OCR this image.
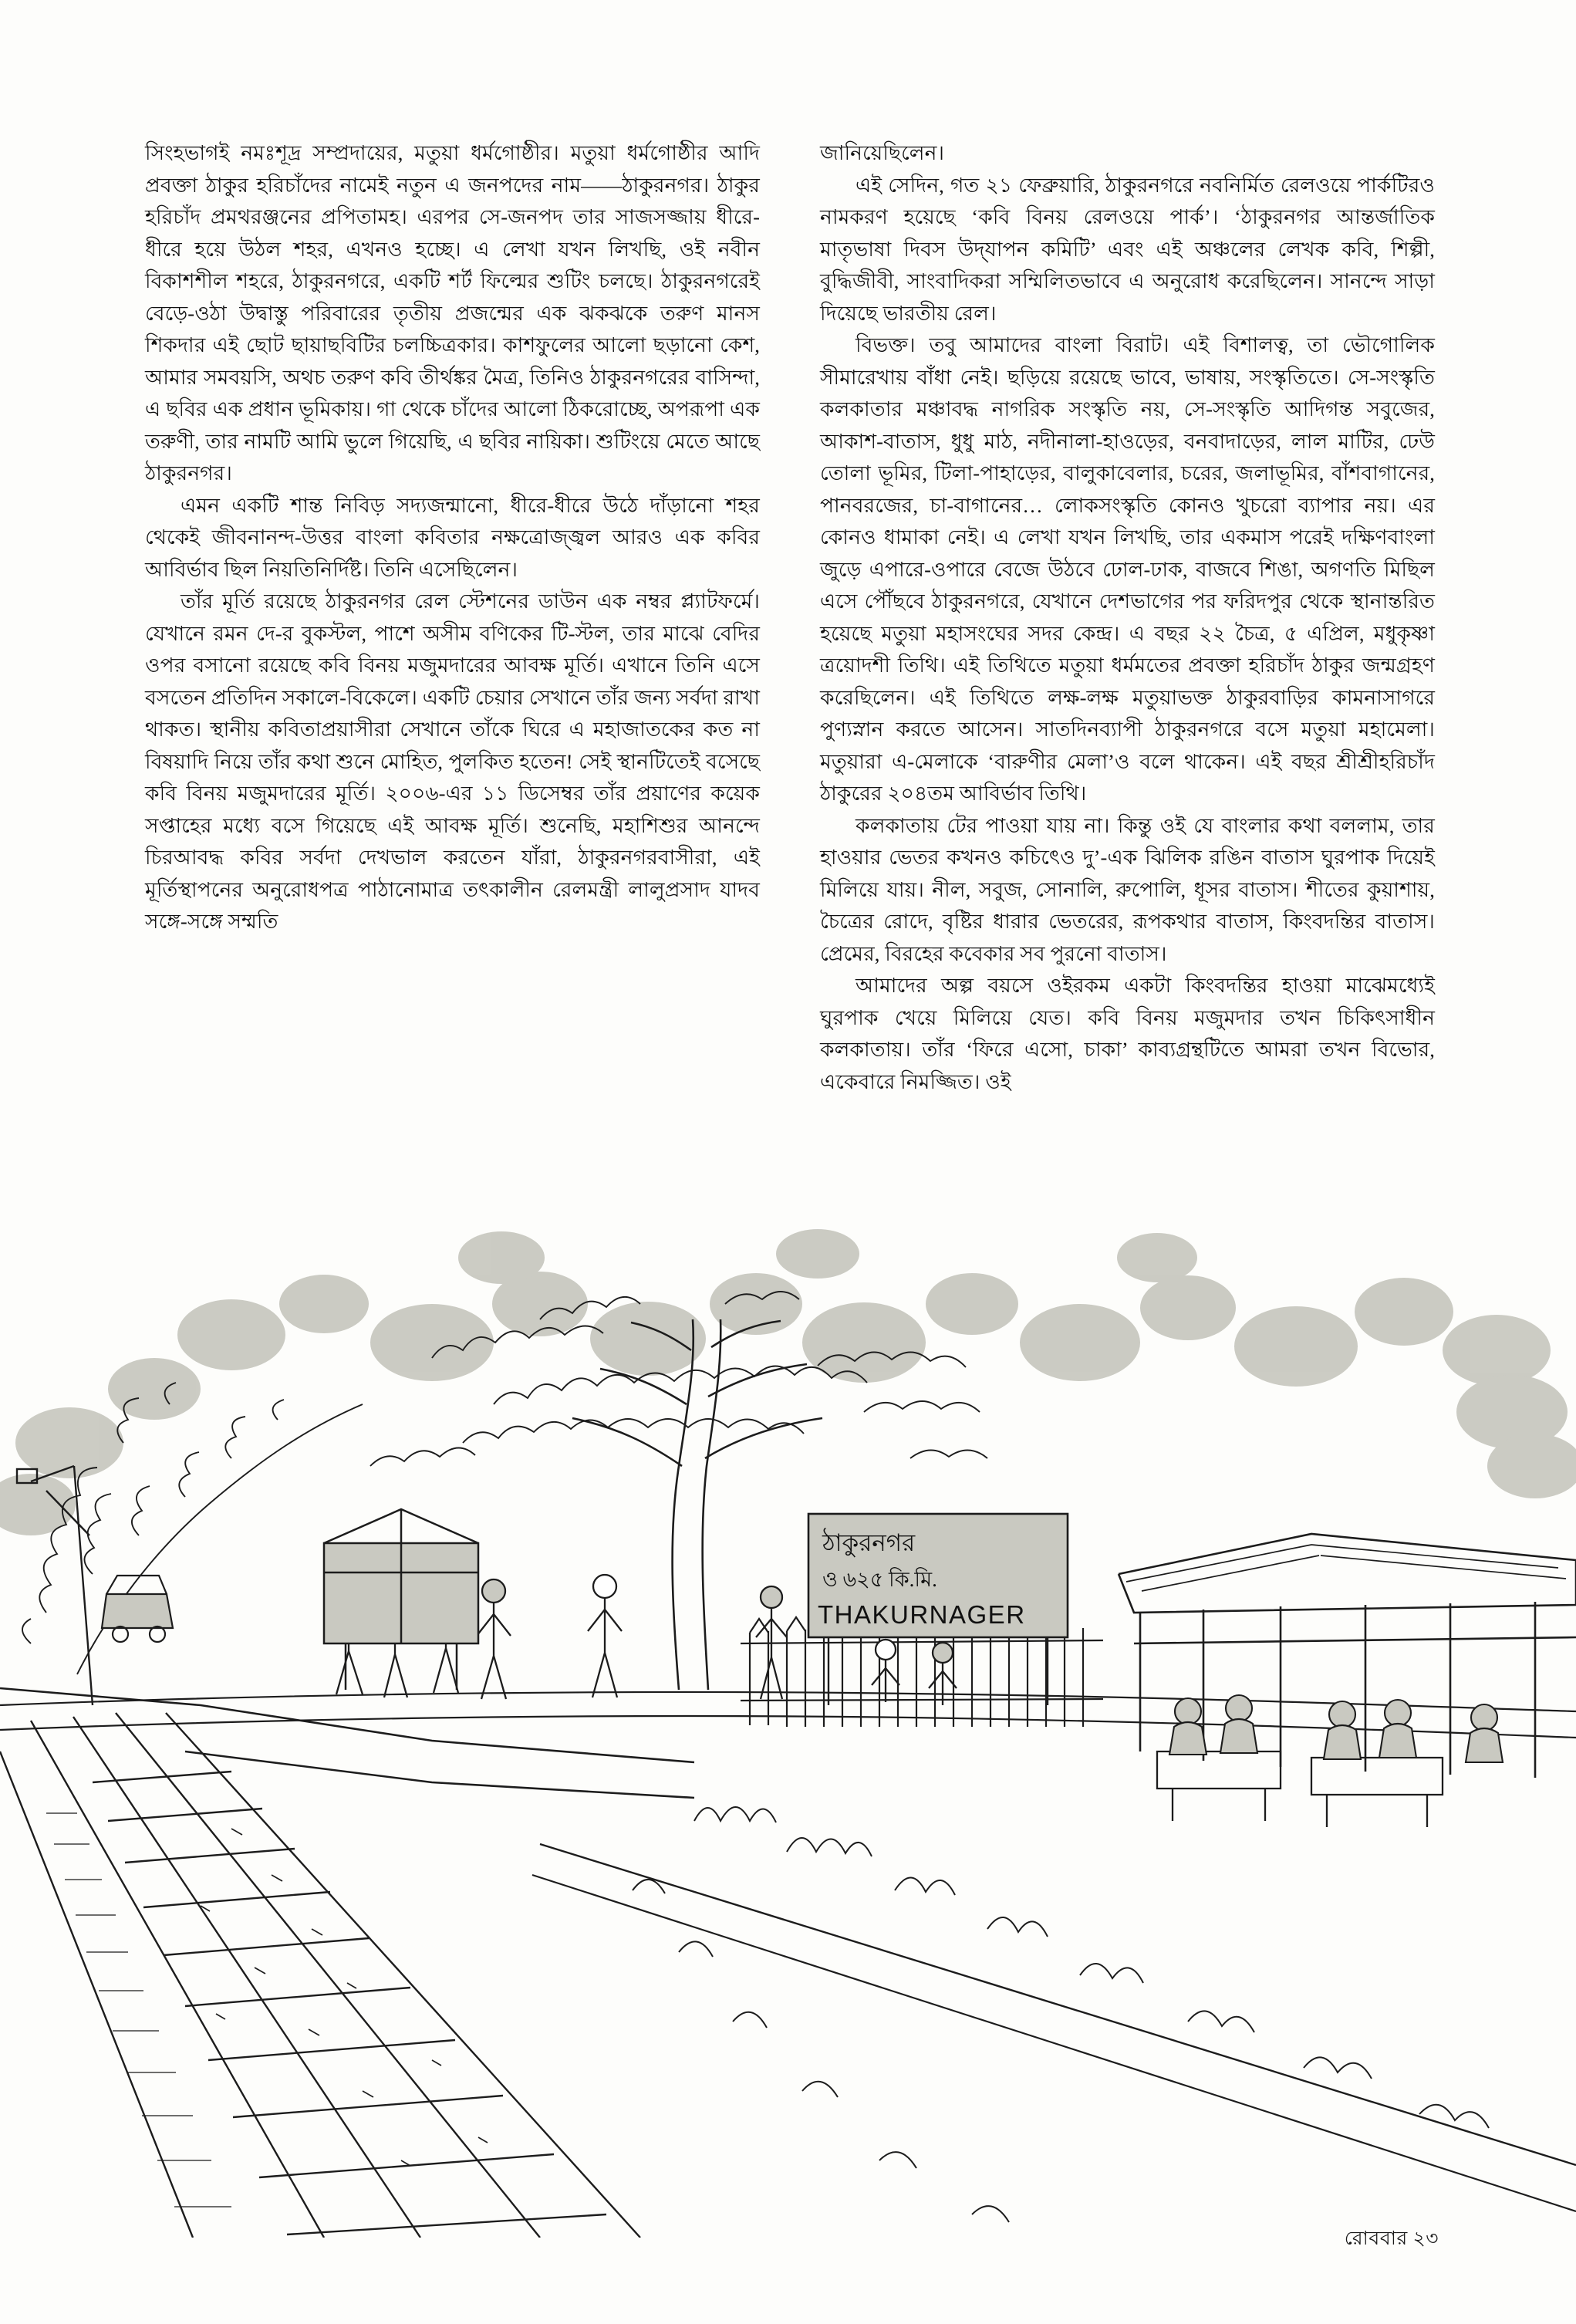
সিংহভাগই নমঃশূদ্র সম্প্রদায়ের, মতুয়া ধর্মগোষ্ঠীর। মতুয়া ধর্মগোষ্ঠীর আদি প্রবক্তা ঠাকুর হরিচাঁদের নামেই নতুন এ জনপদের নাম——ঠাকুরনগর। ঠাকুর হরিচাঁদ প্রমথরঞ্জনের প্রপিতামহ। এরপর সে-জনপদ তার সাজসজ্জায় ধীরে-ধীরে হয়ে উঠল শহর, এখনও হচ্ছে। এ লেখা যখন লিখছি, ওই নবীন বিকাশশীল শহরে, ঠাকুরনগরে, একটি শর্ট ফিল্মের শুটিং চলছে। ঠাকুরনগরেই বেড়ে-ওঠা উদ্বাস্তু পরিবারের তৃতীয় প্রজন্মের এক ঝকঝকে তরুণ মানস শিকদার এই ছোট ছায়াছবিটির চলচ্চিত্রকার। কাশফুলের আলো ছড়ানো কেশ, আমার সমবয়সি, অথচ তরুণ কবি তীর্থঙ্কর মৈত্র, তিনিও ঠাকুরনগরের বাসিন্দা, এ ছবির এক প্রধান ভূমিকায়। গা থেকে চাঁদের আলো ঠিকরোচ্ছে, অপরূপা এক তরুণী, তার নামটি আমি ভুলে গিয়েছি, এ ছবির নায়িকা। শুটিংয়ে মেতে আছে ঠাকুরনগর।

এমন একটি শান্ত নিবিড় সদ্যজন্মানো, ধীরে-ধীরে উঠে দাঁড়ানো শহর থেকেই জীবনানন্দ-উত্তর বাংলা কবিতার নক্ষত্রোজ্জ্বল আরও এক কবির আবির্ভাব ছিল নিয়তিনির্দিষ্ট। তিনি এসেছিলেন।

তাঁর মূর্তি রয়েছে ঠাকুরনগর রেল স্টেশনের ডাউন এক নম্বর প্ল্যাটফর্মে। যেখানে রমন দে-র বুকস্টল, পাশে অসীম বণিকের টি-স্টল, তার মাঝে বেদির ওপর বসানো রয়েছে কবি বিনয় মজুমদারের আবক্ষ মূর্তি। এখানে তিনি এসে বসতেন প্রতিদিন সকালে-বিকেলে। একটি চেয়ার সেখানে তাঁর জন্য সর্বদা রাখা থাকত। স্থানীয় কবিতাপ্রয়াসীরা সেখানে তাঁকে ঘিরে এ মহাজাতকের কত না বিষয়াদি নিয়ে তাঁর কথা শুনে মোহিত, পুলকিত হতেন! সেই স্থানটিতেই বসেছে কবি বিনয় মজুমদারের মূর্তি। ২০০৬-এর ১১ ডিসেম্বর তাঁর প্রয়াণের কয়েক সপ্তাহের মধ্যে বসে গিয়েছে এই আবক্ষ মূর্তি। শুনেছি, মহাশিশুর আনন্দে চিরআবদ্ধ কবির সর্বদা দেখভাল করতেন যাঁরা, ঠাকুরনগরবাসীরা, এই মূর্তিস্থাপনের অনুরোধপত্র পাঠানোমাত্র তৎকালীন রেলমন্ত্রী লালুপ্রসাদ যাদব সঙ্গে-সঙ্গে সম্মতি

জানিয়েছিলেন।

এই সেদিন, গত ২১ ফেব্রুয়ারি, ঠাকুরনগরে নবনির্মিত রেলওয়ে পার্কটিরও নামকরণ হয়েছে ‘কবি বিনয় রেলওয়ে পার্ক’। ‘ঠাকুরনগর আন্তর্জাতিক মাতৃভাষা দিবস উদ্‌যাপন কমিটি’ এবং এই অঞ্চলের লেখক কবি, শিল্পী, বুদ্ধিজীবী, সাংবাদিকরা সম্মিলিতভাবে এ অনুরোধ করেছিলেন। সানন্দে সাড়া দিয়েছে ভারতীয় রেল।

বিভক্ত। তবু আমাদের বাংলা বিরাট। এই বিশালত্ব, তা ভৌগোলিক সীমারেখায় বাঁধা নেই। ছড়িয়ে রয়েছে ভাবে, ভাষায়, সংস্কৃতিতে। সে-সংস্কৃতি কলকাতার মঞ্চাবদ্ধ নাগরিক সংস্কৃতি নয়, সে-সংস্কৃতি আদিগন্ত সবুজের, আকাশ-বাতাস, ধুধু মাঠ, নদীনালা-হাওড়ের, বনবাদাড়ের, লাল মাটির, ঢেউ তোলা ভূমির, টিলা-পাহাড়ের, বালুকাবেলার, চরের, জলাভূমির, বাঁশবাগানের, পানবরজের, চা-বাগানের… লোকসংস্কৃতি কোনও খুচরো ব্যাপার নয়। এর কোনও ধামাকা নেই। এ লেখা যখন লিখছি, তার একমাস পরেই দক্ষিণবাংলা জুড়ে এপারে-ওপারে বেজে উঠবে ঢোল-ঢাক, বাজবে শিঙা, অগণতি মিছিল এসে পৌঁছবে ঠাকুরনগরে, যেখানে দেশভাগের পর ফরিদপুর থেকে স্থানান্তরিত হয়েছে মতুয়া মহাসংঘের সদর কেন্দ্র। এ বছর ২২ চৈত্র, ৫ এপ্রিল, মধুকৃষ্ণা ত্রয়োদশী তিথি। এই তিথিতে মতুয়া ধর্মমতের প্রবক্তা হরিচাঁদ ঠাকুর জন্মগ্রহণ করেছিলেন। এই তিথিতে লক্ষ-লক্ষ মতুয়াভক্ত ঠাকুরবাড়ির কামনাসাগরে পুণ্যস্নান করতে আসেন। সাতদিনব্যাপী ঠাকুরনগরে বসে মতুয়া মহামেলা। মতুয়ারা এ-মেলাকে ‘বারুণীর মেলা’ও বলে থাকেন। এই বছর শ্রীশ্রীহরিচাঁদ ঠাকুরের ২০৪তম আবির্ভাব তিথি।

কলকাতায় টের পাওয়া যায় না। কিন্তু ওই যে বাংলার কথা বললাম, তার হাওয়ার ভেতর কখনও কচিৎেও দু’-এক ঝিলিক রঙিন বাতাস ঘুরপাক দিয়েই মিলিয়ে যায়। নীল, সবুজ, সোনালি, রুপোলি, ধূসর বাতাস। শীতের কুয়াশায়, চৈত্রের রোদে, বৃষ্টির ধারার ভেতরের, রূপকথার বাতাস, কিংবদন্তির বাতাস। প্রেমের, বিরহের কবেকার সব পুরনো বাতাস।

আমাদের অল্প বয়সে ওইরকম একটা কিংবদন্তির হাওয়া মাঝেমধ্যেই ঘুরপাক খেয়ে মিলিয়ে যেত। কবি বিনয় মজুমদার তখন চিকিৎসাধীন কলকাতায়। তাঁর ‘ফিরে এসো, চাকা’ কাব্যগ্রন্থটিতে আমরা তখন বিভোর, একেবারে নিমজ্জিত। ওই

ঠাকুরনগর
ও ৬২৫ কি.মি.
THAKURNAGER
রোববার ২৩
